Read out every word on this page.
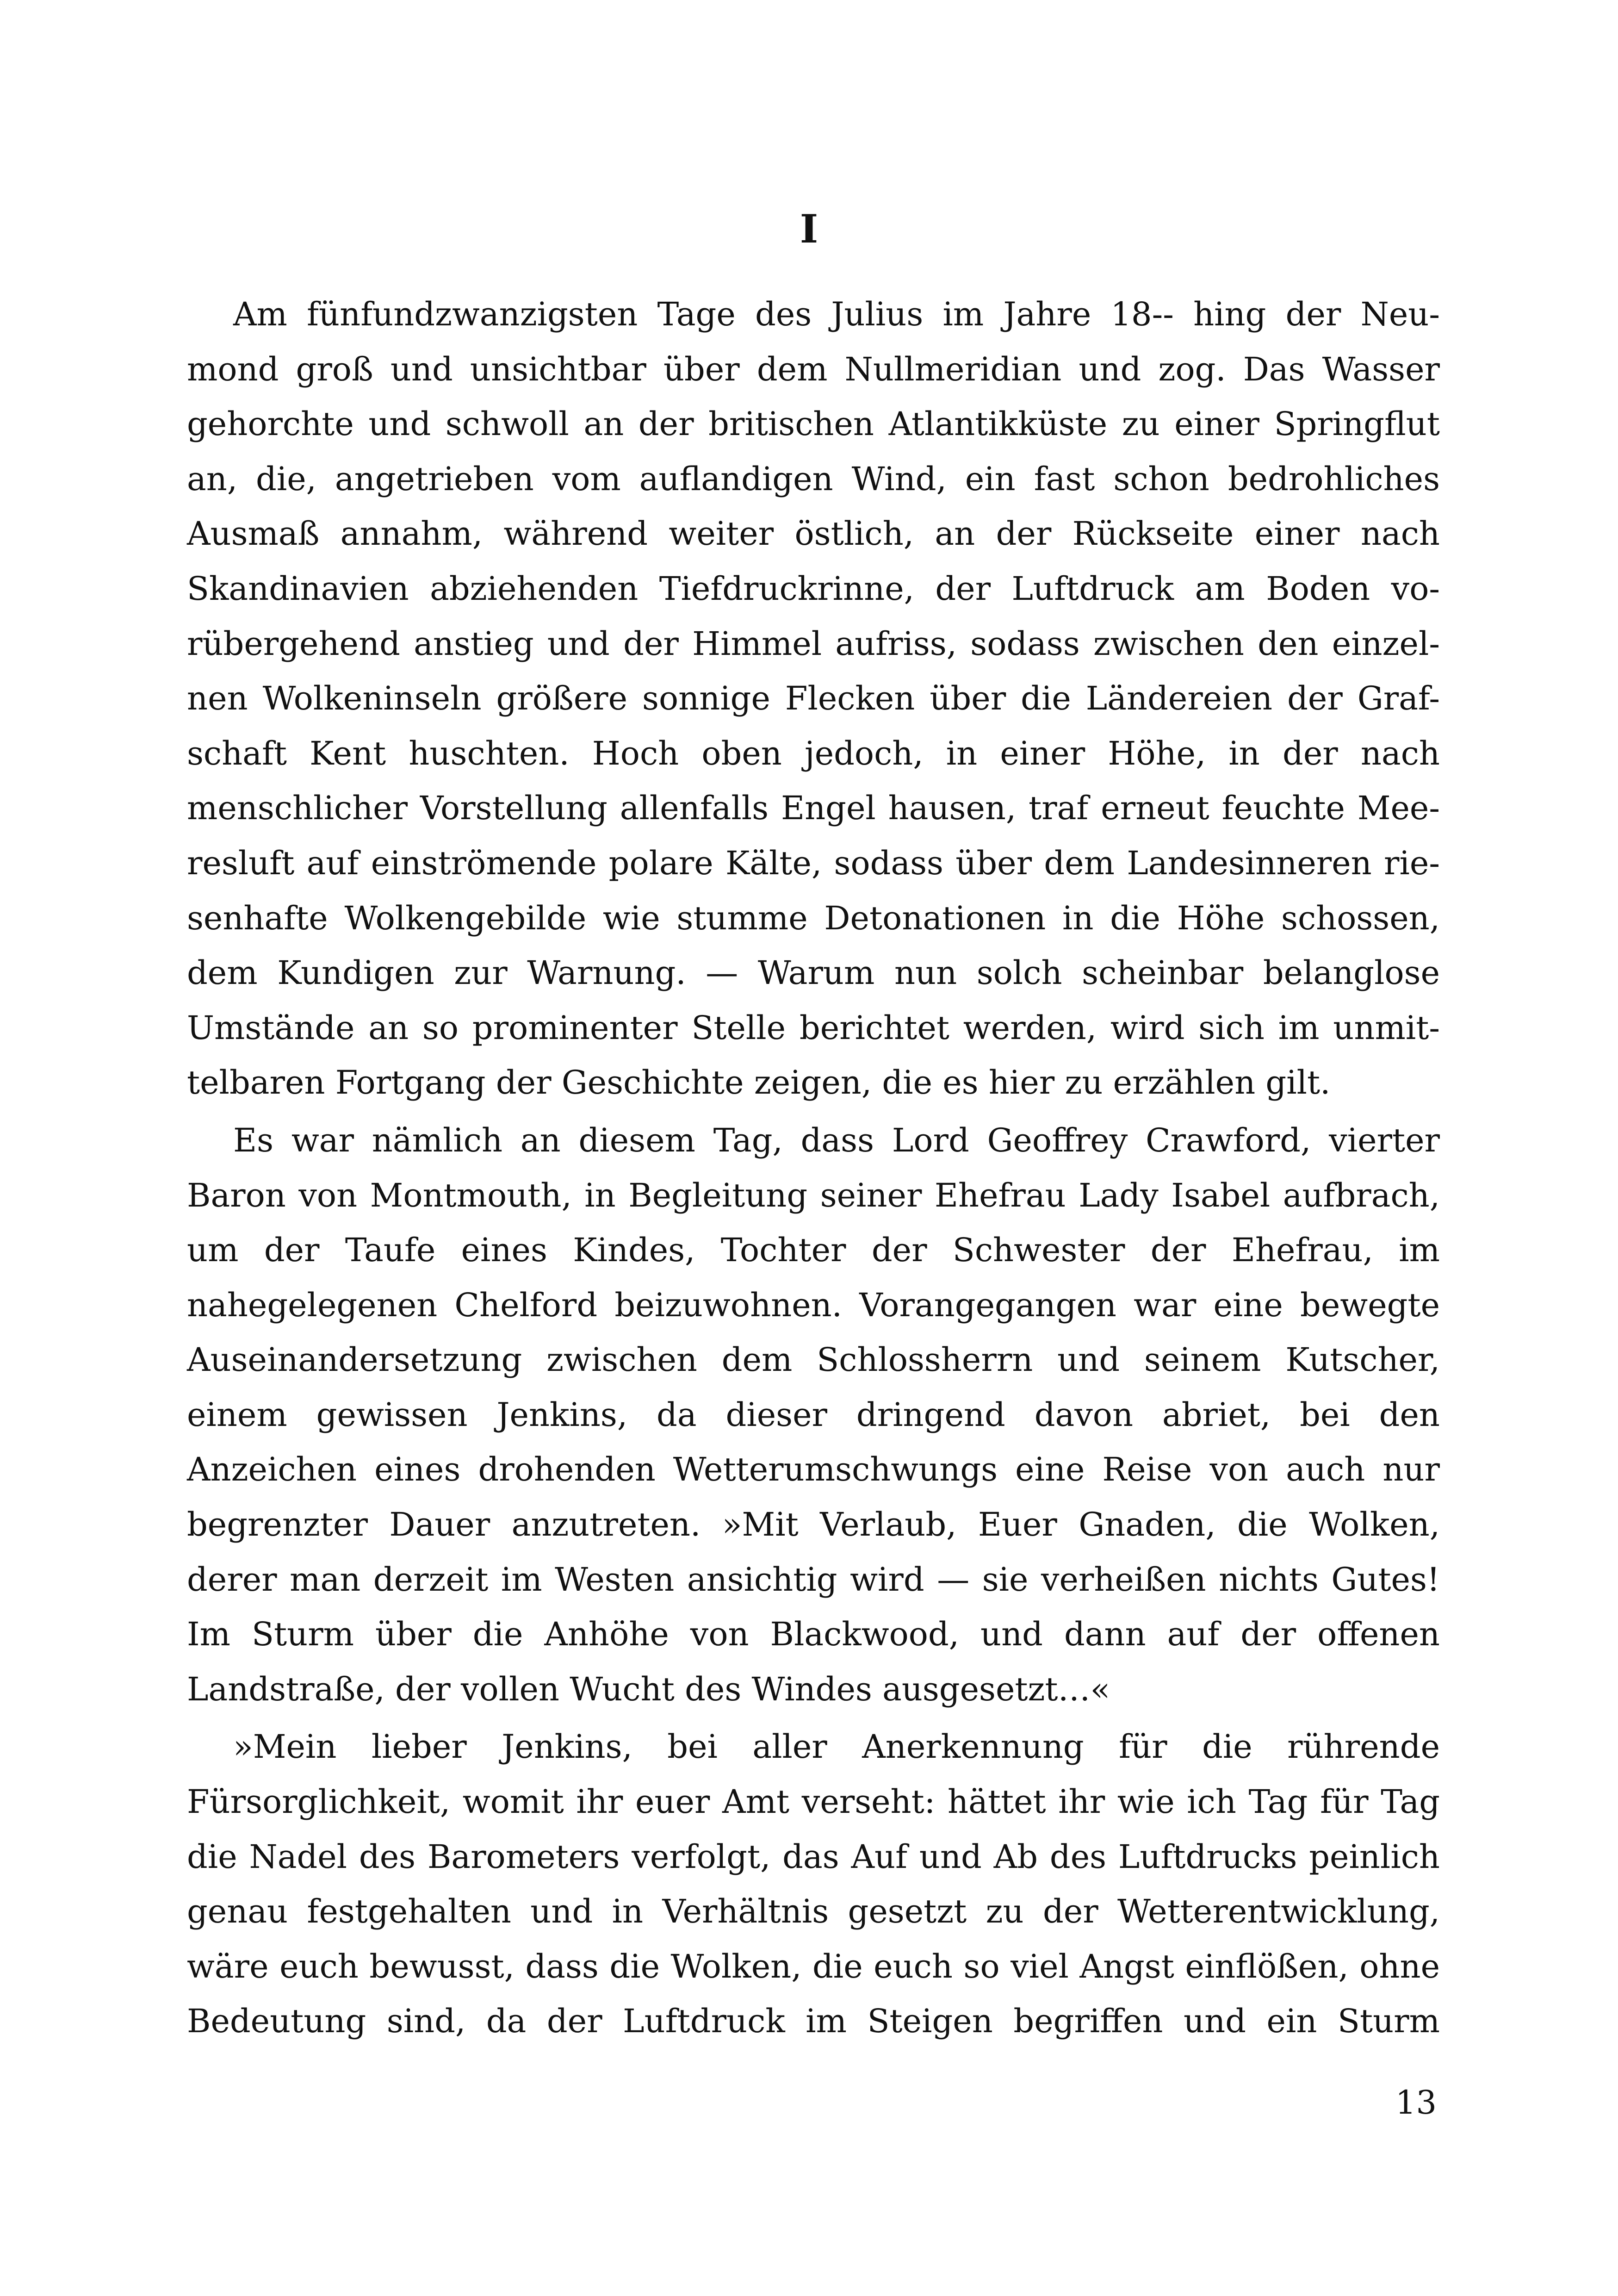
I
Am fünfundzwanzigsten Tage des Julius im Jahre 18-- hing der Neu-
mond groß und unsichtbar über dem Nullmeridian und zog. Das Wasser
gehorchte und schwoll an der britischen Atlantikküste zu einer Springflut
an, die, angetrieben vom auflandigen Wind, ein fast schon bedrohliches
Ausmaß annahm, während weiter östlich, an der Rückseite einer nach
Skandinavien abziehenden Tiefdruckrinne, der Luftdruck am Boden vo-
rübergehend anstieg und der Himmel aufriss, sodass zwischen den einzel-
nen Wolkeninseln größere sonnige Flecken über die Ländereien der Graf-
schaft Kent huschten. Hoch oben jedoch, in einer Höhe, in der nach
menschlicher Vorstellung allenfalls Engel hausen, traf erneut feuchte Mee-
resluft auf einströmende polare Kälte, sodass über dem Landesinneren rie-
senhafte Wolkengebilde wie stumme Detonationen in die Höhe schossen,
dem Kundigen zur Warnung. — Warum nun solch scheinbar belanglose
Umstände an so prominenter Stelle berichtet werden, wird sich im unmit-
telbaren Fortgang der Geschichte zeigen, die es hier zu erzählen gilt.
Es war nämlich an diesem Tag, dass Lord Geoffrey Crawford, vierter
Baron von Montmouth, in Begleitung seiner Ehefrau Lady Isabel aufbrach,
um der Taufe eines Kindes, Tochter der Schwester der Ehefrau, im
nahegelegenen Chelford beizuwohnen. Vorangegangen war eine bewegte
Auseinandersetzung zwischen dem Schlossherrn und seinem Kutscher,
einem gewissen Jenkins, da dieser dringend davon abriet, bei den
Anzeichen eines drohenden Wetterumschwungs eine Reise von auch nur
begrenzter Dauer anzutreten. »Mit Verlaub, Euer Gnaden, die Wolken,
derer man derzeit im Westen ansichtig wird — sie verheißen nichts Gutes!
Im Sturm über die Anhöhe von Blackwood, und dann auf der offenen
Landstraße, der vollen Wucht des Windes ausgesetzt…«
»Mein lieber Jenkins, bei aller Anerkennung für die rührende
Fürsorglichkeit, womit ihr euer Amt verseht: hättet ihr wie ich Tag für Tag
die Nadel des Barometers verfolgt, das Auf und Ab des Luftdrucks peinlich
genau festgehalten und in Verhältnis gesetzt zu der Wetterentwicklung,
wäre euch bewusst, dass die Wolken, die euch so viel Angst einflößen, ohne
Bedeutung sind, da der Luftdruck im Steigen begriffen und ein Sturm
13
